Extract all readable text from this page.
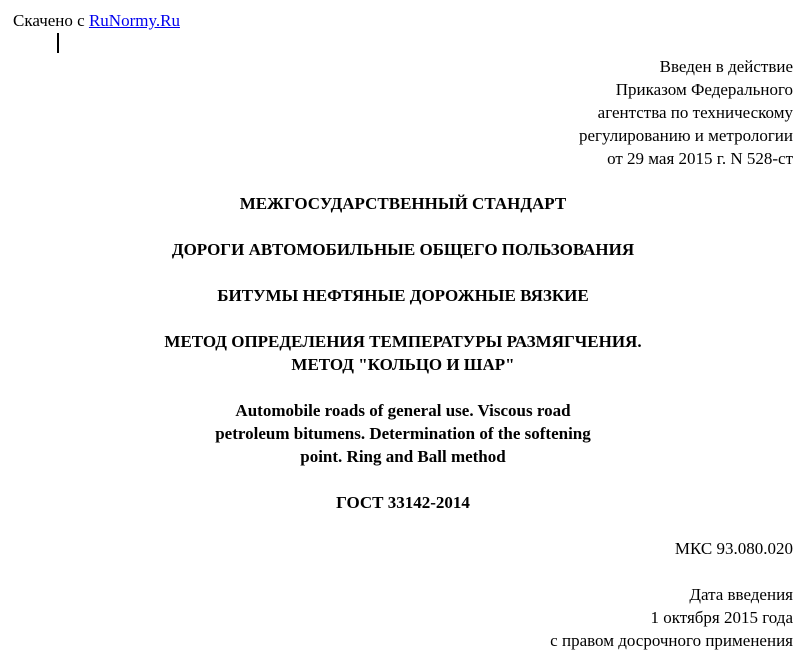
Скачено с RuNormy.Ru
Введен в действие
Приказом Федерального
агентства по техническому
регулированию и метрологии
от 29 мая 2015 г. N 528-ст
МЕЖГОСУДАРСТВЕННЫЙ СТАНДАРТ
ДОРОГИ АВТОМОБИЛЬНЫЕ ОБЩЕГО ПОЛЬЗОВАНИЯ
БИТУМЫ НЕФТЯНЫЕ ДОРОЖНЫЕ ВЯЗКИЕ
МЕТОД ОПРЕДЕЛЕНИЯ ТЕМПЕРАТУРЫ РАЗМЯГЧЕНИЯ.
МЕТОД "КОЛЬЦО И ШАР"
Automobile roads of general use. Viscous road
petroleum bitumens. Determination of the softening
point. Ring and Ball method
ГОСТ 33142-2014
МКС 93.080.020
Дата введения
1 октября 2015 года
с правом досрочного применения
